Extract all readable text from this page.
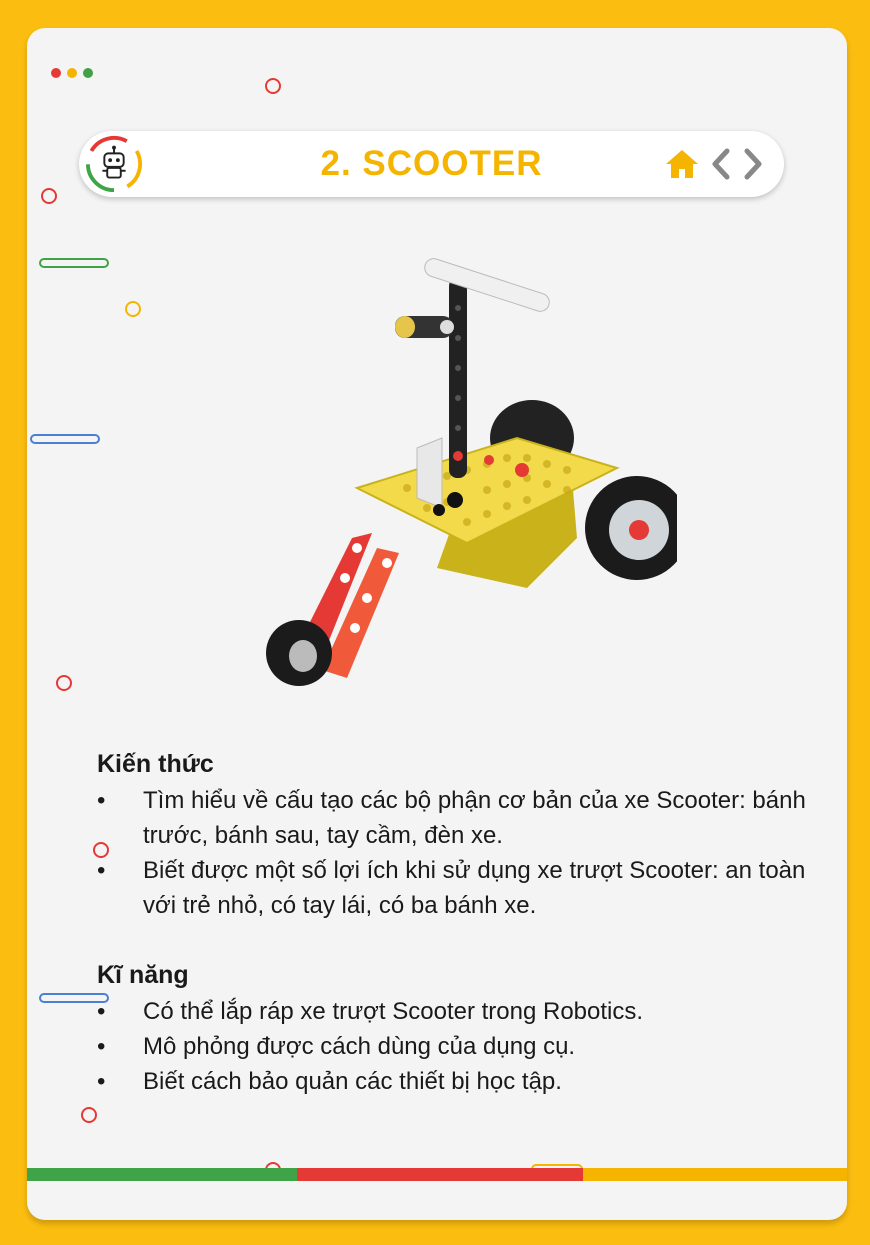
2. SCOOTER
Kiến thức
• Tìm hiểu về cấu tạo các bộ phận cơ bản của xe Scooter: bánh trước, bánh sau, tay cầm, đèn xe.
• Biết được một số lợi ích khi sử dụng xe trượt Scooter: an toàn với trẻ nhỏ, có tay lái, có ba bánh xe.
Kĩ năng
• Có thể lắp ráp xe trượt Scooter trong Robotics.
• Mô phỏng được cách dùng của dụng cụ.
• Biết cách bảo quản các thiết bị học tập.
